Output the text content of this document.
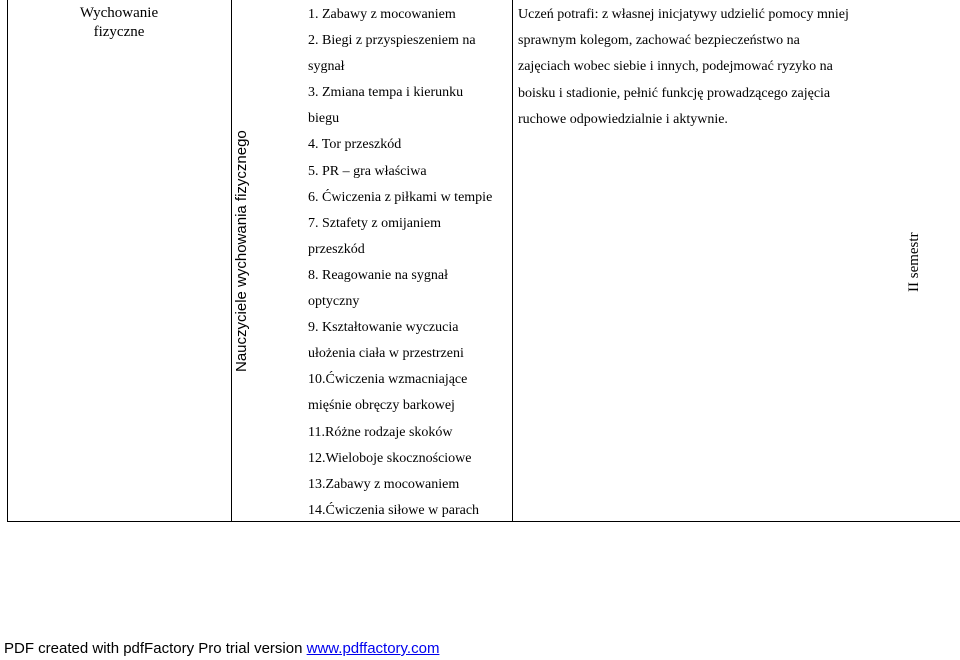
Wychowanie
fizyczne
Nauczyciele wychowania fizycznego
1. Zabawy z mocowaniem
2. Biegi z przyspieszeniem na
sygnał
3. Zmiana tempa i kierunku
biegu
4. Tor przeszkód
5. PR – gra właściwa
6. Ćwiczenia z piłkami w tempie
7. Sztafety z omijaniem
przeszkód
8. Reagowanie na sygnał
optyczny
9. Kształtowanie wyczucia
ułożenia ciała w przestrzeni
10.Ćwiczenia wzmacniające
mięśnie obręczy barkowej
11.Różne rodzaje skoków
12.Wieloboje skocznościowe
13.Zabawy z mocowaniem
14.Ćwiczenia siłowe w parach
Uczeń potrafi: z własnej inicjatywy udzielić pomocy mniej
sprawnym kolegom, zachować bezpieczeństwo na
zajęciach wobec siebie i innych, podejmować ryzyko na
boisku i stadionie, pełnić funkcję prowadzącego zajęcia
ruchowe odpowiedzialnie i aktywnie.
II semestr
PDF created with pdfFactory Pro trial version www.pdffactory.com
